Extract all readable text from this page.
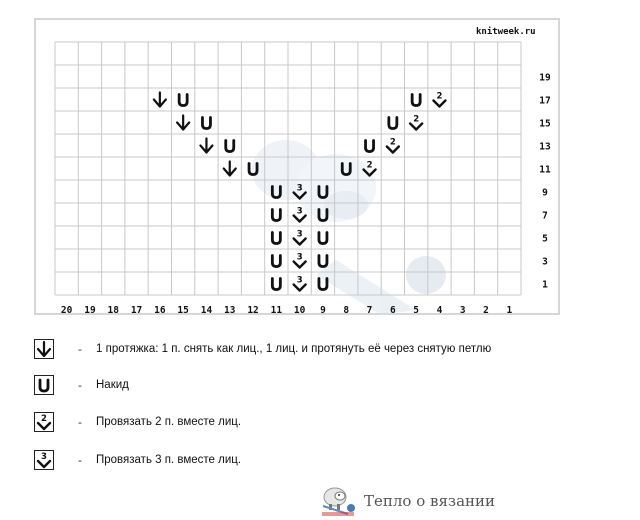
2
2
2
2
3
3
3
3
3
20 19 18 17 16 15 14 13 12 11 10 9 8 7 6 5 4 3 2 1
19
17
15
13
11
9
7
5
3
1
knitweek.ru
- 1 протяжка: 1 п. снять как лиц., 1 лиц. и протянуть её через снятую петлю
- Накид
2	- Провязать 2 п. вместе лиц.
3	- Провязать 3 п. вместе лиц.
Тепло о вязании
